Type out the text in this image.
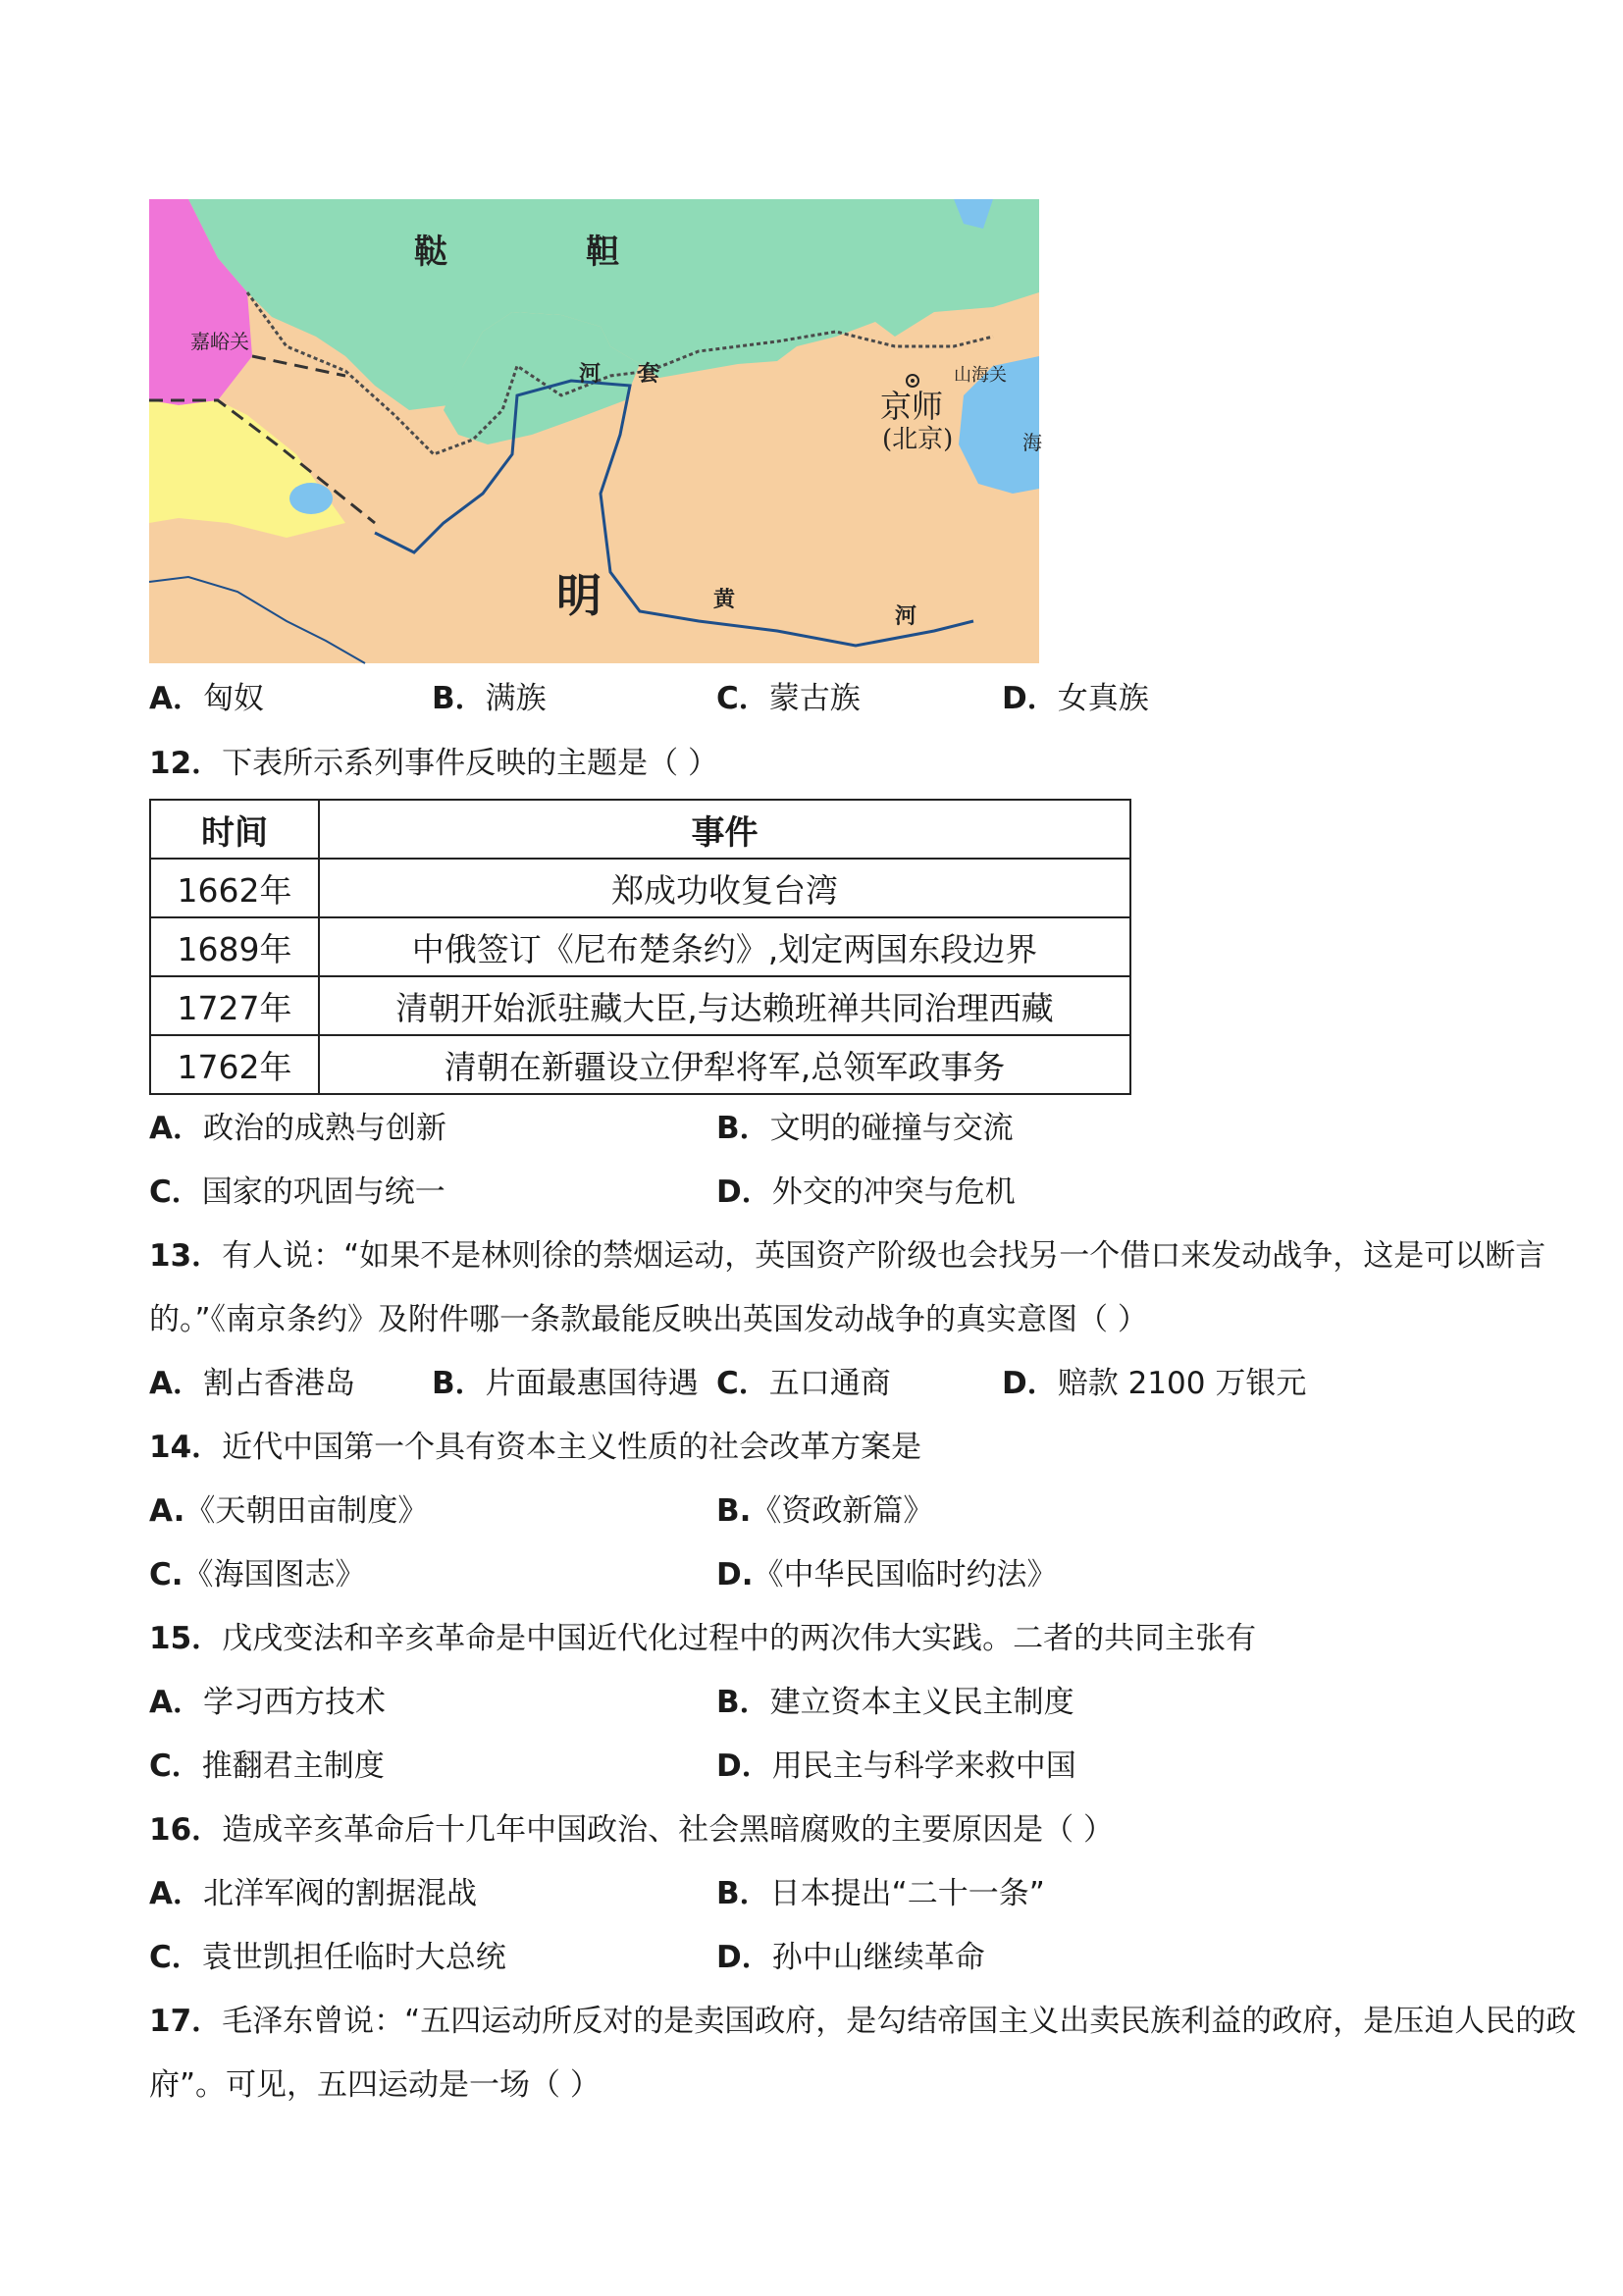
鞑	靼
嘉峪关
河 套
京师
(北京)
山海关
海
明	黄
河
A．匈奴	B．满族	C．蒙古族	D．女真族
12．下表所示系列事件反映的主题是（ ）
时间	事件
1662年	郑成功收复台湾
1689年	中俄签订《尼布楚条约》,划定两国东段边界
1727年	清朝开始派驻藏大臣,与达赖班禅共同治理西藏
1762年	清朝在新疆设立伊犁将军,总领军政事务
A．政治的成熟与创新	B．文明的碰撞与交流
C．国家的巩固与统一	D．外交的冲突与危机
13．有人说：“如果不是林则徐的禁烟运动，英国资产阶级也会找另一个借口来发动战争，这是可以断言
的。”《南京条约》及附件哪一条款最能反映出英国发动战争的真实意图（ ）
A．割占香港岛	B．片面最惠国待遇 C．五口通商	D．赔款 2100 万银元
14．近代中国第一个具有资本主义性质的社会改革方案是
A.《天朝田亩制度》	B.《资政新篇》
C.《海国图志》	D.《中华民国临时约法》
15．戊戌变法和辛亥革命是中国近代化过程中的两次伟大实践。二者的共同主张有
A．学习西方技术	B．建立资本主义民主制度
C．推翻君主制度	D．用民主与科学来救中国
16．造成辛亥革命后十几年中国政治、社会黑暗腐败的主要原因是（ ）
A．北洋军阀的割据混战	B．日本提出“二十一条”
C．袁世凯担任临时大总统	D．孙中山继续革命
17．毛泽东曾说：“五四运动所反对的是卖国政府，是勾结帝国主义出卖民族利益的政府，是压迫人民的政
府”。可见，五四运动是一场（ ）
